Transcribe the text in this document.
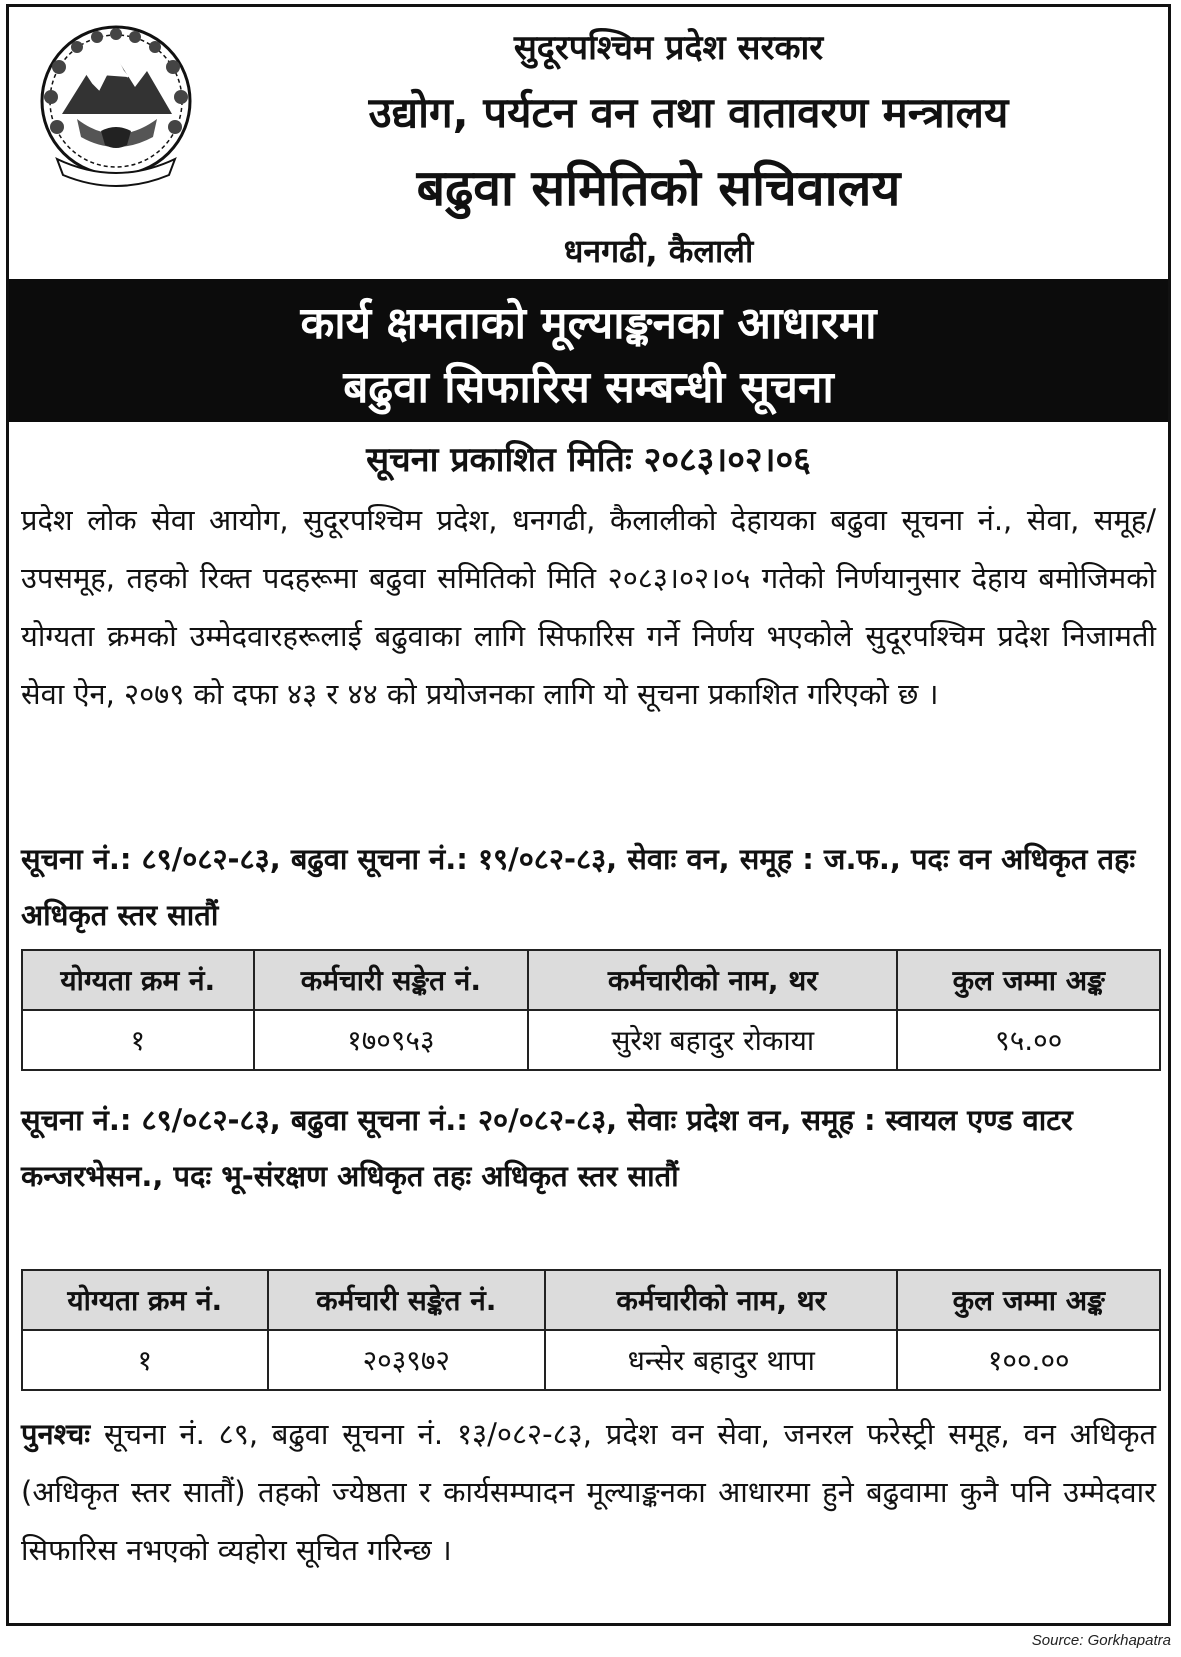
सुदूरपश्चिम प्रदेश सरकार
उद्योग, पर्यटन वन तथा वातावरण मन्त्रालय
बढुवा समितिको सचिवालय
धनगढी, कैलाली
कार्य क्षमताको मूल्याङ्कनका आधारमा
बढुवा सिफारिस सम्बन्धी सूचना
सूचना प्रकाशित मितिः २०८३।०२।०६
प्रदेश लोक सेवा आयोग, सुदूरपश्चिम प्रदेश, धनगढी, कैलालीको देहायका बढुवा सूचना नं., सेवा, समूह/उपसमूह, तहको रिक्त पदहरूमा बढुवा समितिको मिति २०८३।०२।०५ गतेको निर्णयानुसार देहाय बमोजिमको योग्यता क्रमको उम्मेदवारहरूलाई बढुवाका लागि सिफारिस गर्ने निर्णय भएकोले सुदूरपश्चिम प्रदेश निजामती सेवा ऐन, २०७९ को दफा ४३ र ४४ को प्रयोजनका लागि यो सूचना प्रकाशित गरिएको छ ।
सूचना नं.: ८९/०८२-८३, बढुवा सूचना नं.: १९/०८२-८३, सेवाः वन, समूह : ज.फ., पदः वन अधिकृत तहः अधिकृत स्तर सातौं
योग्यता क्रम नं.	कर्मचारी सङ्केत नं.	कर्मचारीको नाम, थर	कुल जम्मा अङ्क
१	१७०९५३	सुरेश बहादुर रोकाया	९५.००
सूचना नं.: ८९/०८२-८३, बढुवा सूचना नं.: २०/०८२-८३, सेवाः प्रदेश वन, समूह : स्वायल एण्ड वाटर कन्जरभेसन., पदः भू-संरक्षण अधिकृत तहः अधिकृत स्तर सातौं
योग्यता क्रम नं.	कर्मचारी सङ्केत नं.	कर्मचारीको नाम, थर	कुल जम्मा अङ्क
१	२०३९७२	धन्सेर बहादुर थापा	१००.००
पुनश्चः सूचना नं. ८९, बढुवा सूचना नं. १३/०८२-८३, प्रदेश वन सेवा, जनरल फरेस्ट्री समूह, वन अधिकृत (अधिकृत स्तर सातौं) तहको ज्येष्ठता र कार्यसम्पादन मूल्याङ्कनका आधारमा हुने बढुवामा कुनै पनि उम्मेदवार सिफारिस नभएको व्यहोरा सूचित गरिन्छ ।
Source: Gorkhapatra
